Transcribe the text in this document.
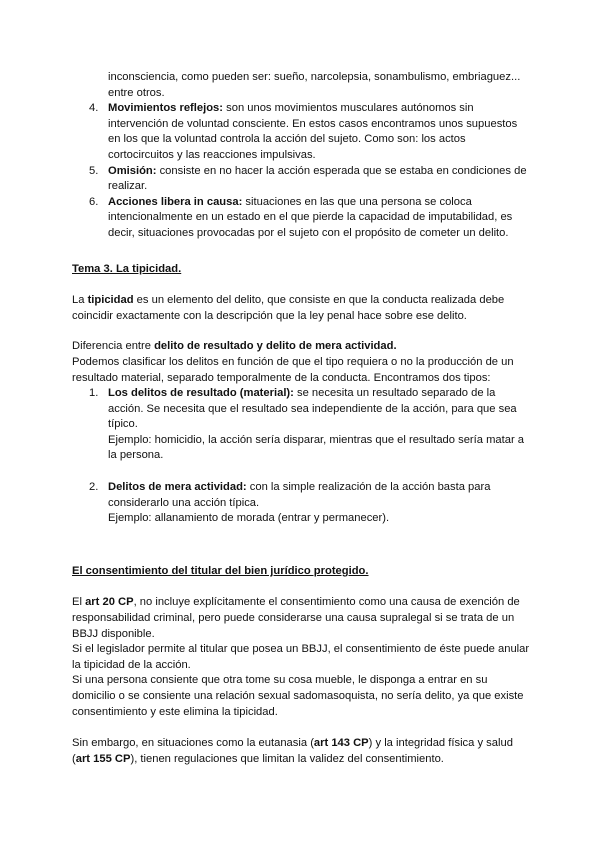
inconsciencia, como pueden ser: sueño, narcolepsia, sonambulismo, embriaguez... entre otros.

4. Movimientos reflejos: son unos movimientos musculares autónomos sin intervención de voluntad consciente. En estos casos encontramos unos supuestos en los que la voluntad controla la acción del sujeto. Como son: los actos cortocircuitos y las reacciones impulsivas.
5. Omisión: consiste en no hacer la acción esperada que se estaba en condiciones de realizar.
6. Acciones libera in causa: situaciones en las que una persona se coloca intencionalmente en un estado en el que pierde la capacidad de imputabilidad, es decir, situaciones provocadas por el sujeto con el propósito de cometer un delito.

Tema 3. La tipicidad.

La tipicidad es un elemento del delito, que consiste en que la conducta realizada debe coincidir exactamente con la descripción que la ley penal hace sobre ese delito.

Diferencia entre delito de resultado y delito de mera actividad.

Podemos clasificar los delitos en función de que el tipo requiera o no la producción de un resultado material, separado temporalmente de la conducta. Encontramos dos tipos:

1. Los delitos de resultado (material): se necesita un resultado separado de la acción. Se necesita que el resultado sea independiente de la acción, para que sea típico.

Ejemplo: homicidio, la acción sería disparar, mientras que el resultado sería matar a la persona.

2. Delitos de mera actividad: con la simple realización de la acción basta para considerarlo una acción típica.

Ejemplo: allanamiento de morada (entrar y permanecer).

El consentimiento del titular del bien jurídico protegido.

El art 20 CP, no incluye explícitamente el consentimiento como una causa de exención de responsabilidad criminal, pero puede considerarse una causa supralegal si se trata de un BBJJ disponible.

Si el legislador permite al titular que posea un BBJJ, el consentimiento de éste puede anular la tipicidad de la acción.

Si una persona consiente que otra tome su cosa mueble, le disponga a entrar en su domicilio o se consiente una relación sexual sadomasoquista, no sería delito, ya que existe consentimiento y este elimina la tipicidad.

Sin embargo, en situaciones como la eutanasia (art 143 CP) y la integridad física y salud (art 155 CP), tienen regulaciones que limitan la validez del consentimiento.
